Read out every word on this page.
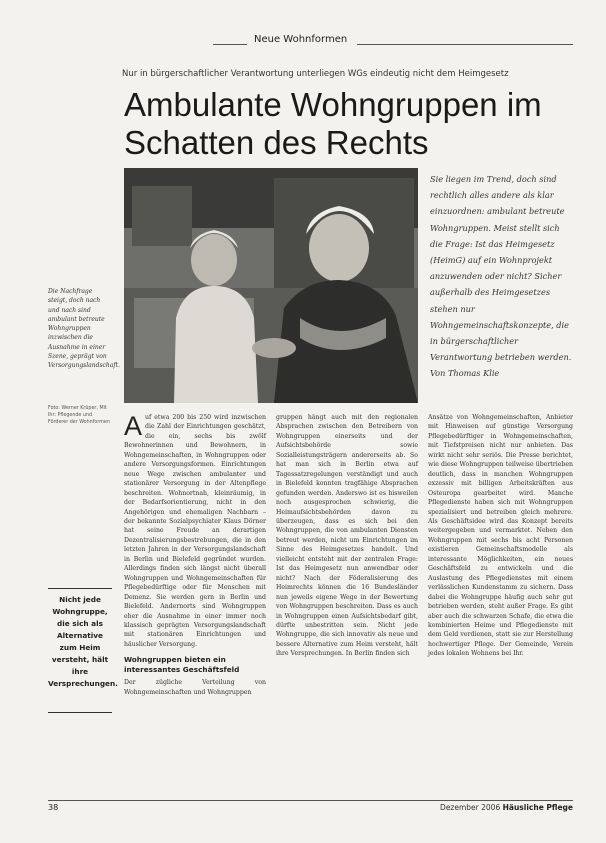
Neue Wohnformen
Nur in bürgerschaftlicher Verantwortung unterliegen WGs eindeutig nicht dem Heimgesetz
Ambulante Wohngruppen im
Schatten des Rechts
Sie liegen im Trend, doch sind rechtlich alles andere als klar einzuordnen: ambulant betreute Wohngruppen. Meist stellt sich die Frage: Ist das Heimgesetz (HeimG) auf ein Wohnprojekt anzuwenden oder nicht? Sicher außerhalb des Heimgesetzes stehen nur Wohngemeinschaftskonzepte, die in bürgerschaftlicher Verantwortung betrieben werden. Von Thomas Klie
Die Nachfrage steigt, doch nach und nach sind ambulant betreute Wohngruppen inzwischen die Ausnahme in einer Szene, geprägt von Versorgungslandschaft.
Foto: Werner Krüper, Mit Ihr: Pflegende und Förderer der Wohnformen
Nicht jede Wohngruppe, die sich als Alternative zum Heim versteht, hält ihre Versprechungen.
A uf etwa 200 bis 250 wird inzwischen die Zahl der Einrichtungen geschätzt, die ein, sechs bis zwölf Bewohnerinnen und Bewohnern, in Wohngemeinschaften, in Wohngruppen oder andere Versorgungsformen. Einrichtungen neue Wege zwischen ambulanter und stationärer Versorgung in der Altenpflege beschreiten. Wohnortnah, kleinräumig, in der Bedarfsorientierung, nicht in den Angehörigen und ehemaligen Nachbarn – der bekannte Sozialpsychiater Klaus Dörner hat seine Freude an derartigen Dezentralisierungsbestrebungen, die in den letzten Jahren in der Versorgungslandschaft in Berlin und Bielefeld gegründet wurden. Allerdings finden sich längst nicht überall Wohngruppen und Wohngemeinschaften für Pflegebedürftige oder für Menschen mit Demenz. Sie werden gern in Berlin und Bielefeld. Andernorts sind Wohngruppen eher die Ausnahme in einer immer noch klassisch geprägten Versorgungslandschaft mit stationären Einrichtungen und häuslicher Versorgung.

Wohngruppen bieten ein interessantes Geschäftsfeld

Der zügliche Verteilung von Wohngemeinschaften und Wohngruppen

gruppen hängt auch mit den regionalen Absprachen zwischen den Betreibern von Wohngruppen einerseits und der Aufsichtsbehörde sowie Sozialleistungsträgern andererseits ab. So hat man sich in Berlin etwa auf Tagessatzregelungen verständigt und auch in Bielefeld konnten tragfähige Absprachen gefunden werden. Anderswo ist es bisweilen noch ausgesprochen schwierig, die Heimaufsichtsbehörden davon zu überzeugen, dass es sich bei den Wohngruppen, die von ambulanten Diensten betreut werden, nicht um Einrichtungen im Sinne des Heimgesetzes handelt. Und vielleicht entsteht mit der zentralen Frage: Ist das Heimgesetz nun anwendbar oder nicht? Nach der Föderalisierung des Heimrechts können die 16 Bundesländer nun jeweils eigene Wege in der Bewertung von Wohngruppen beschreiten. Dass es auch in Wohngruppen einen Aufsichtsbedarf gibt, dürfte unbestritten sein. Nicht jede Wohngruppe, die sich innovativ als neue und bessere Alternative zum Heim versteht, hält ihre Versprechungen. In Berlin finden sich

Ansätze von Wohngemeinschaften, Anbieter mit Hinweisen auf günstige Versorgung Pflegebedürftiger in Wohngemeinschaften, mit Tiefstpreisen nicht nur anbieten. Das wirkt nicht sehr seriös. Die Presse berichtet, wie diese Wohngruppen teilweise übertrieben deutlich, dass in manchen Wohngruppen exzessiv mit billigen Arbeitskräften aus Osteuropa gearbeitet wird. Manche Pflegedienste haben sich mit Wohngruppen spezialisiert und betreiben gleich mehrere. Als Geschäftsidee wird das Konzept bereits weitergegeben und vermarktet. Neben den Wohngruppen mit sechs bis acht Personen existieren Gemeinschaftsmodelle als interessante Möglichkeiten, ein neues Geschäftsfeld zu entwickeln und die Auslastung des Pflegedienstes mit einem verlässlichen Kundenstamm zu sichern. Dass dabei die Wohngruppe häufig auch sehr gut betrieben werden, steht außer Frage. Es gibt aber auch die schwarzen Schafe, die etwa die kombinierten Heime und Pflegedienste mit dem Geld verdienen, statt sie zur Herstellung hochwertiger Pflege. Der Gemeinde, Verein jedes lokalen Wohnens bei Ihr.

38	Dezember 2006 Häusliche Pflege
